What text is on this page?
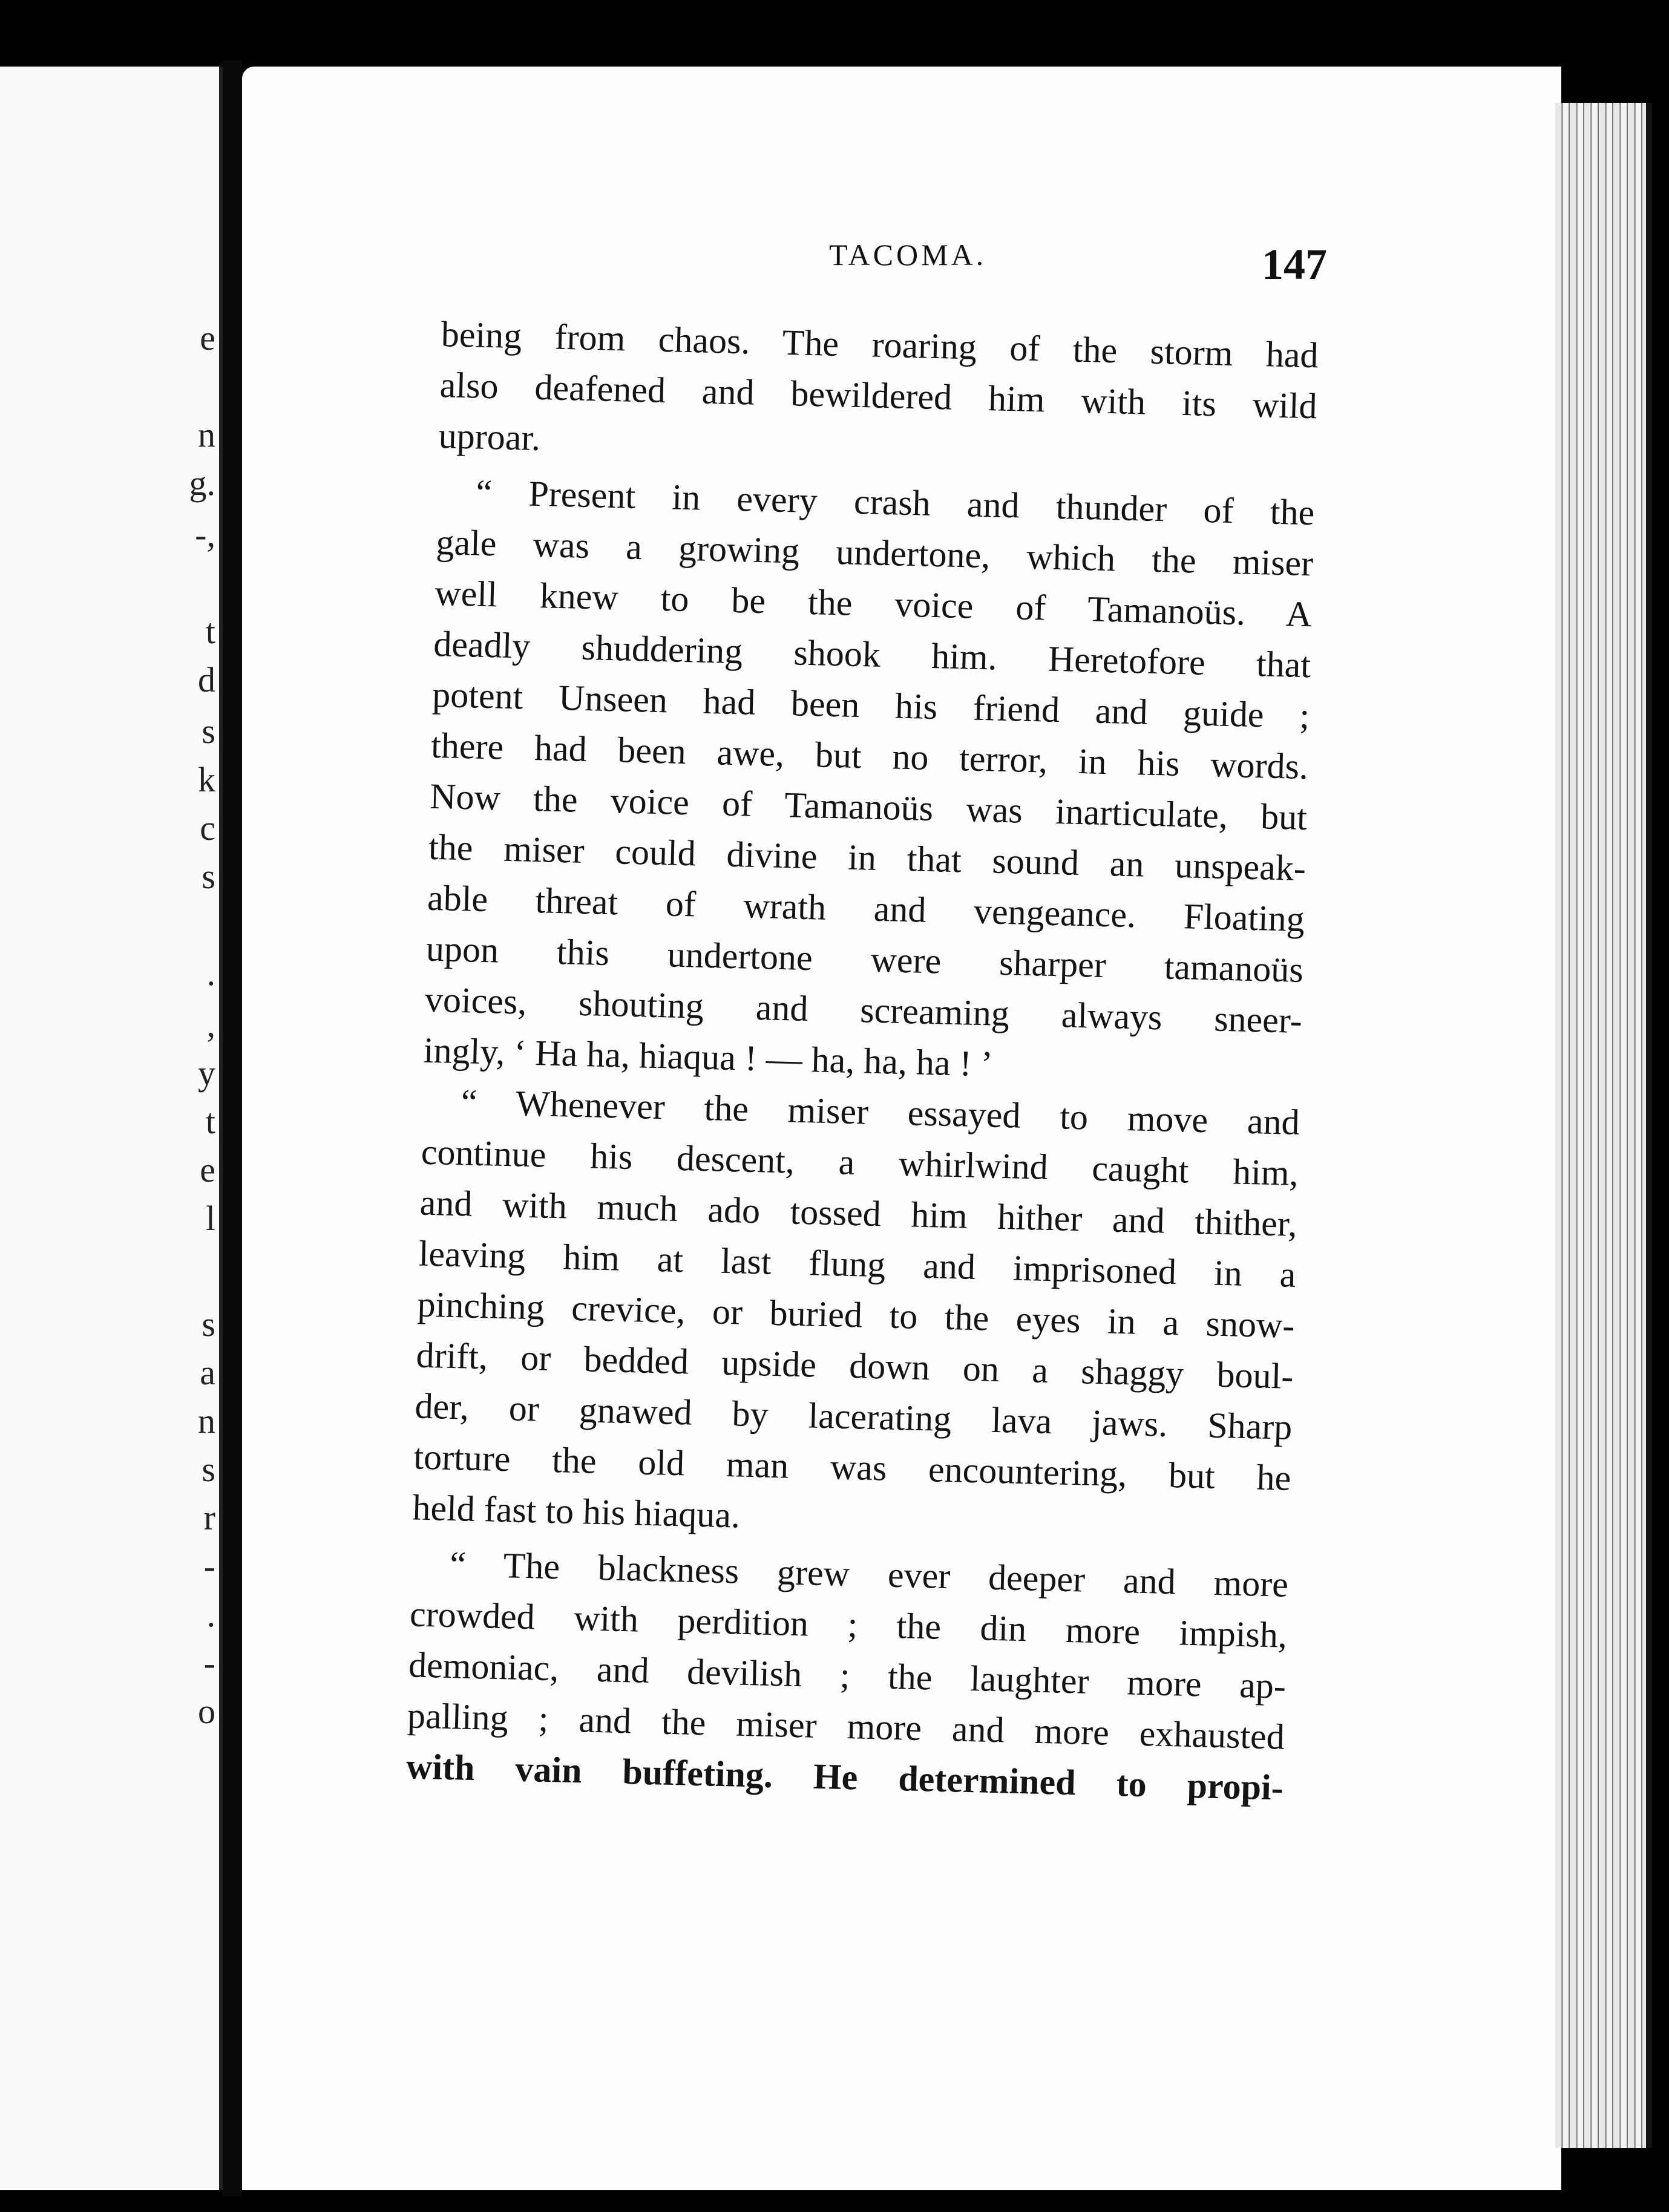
e
n
g.
-,
t
d
s
k
c
s
.
,
y
t
e
l
s
a
n
s
r
-
.
-
o
TACOMA.	147

being from chaos. The roaring of the storm had

also deafened and bewildered him with its wild

uproar.

“ Present in every crash and thunder of the

gale was a growing undertone, which the miser

well knew to be the voice of Tamanoüs. A

deadly shuddering shook him. Heretofore that

potent Unseen had been his friend and guide ;

there had been awe, but no terror, in his words.

Now the voice of Tamanoüs was inarticulate, but

the miser could divine in that sound an unspeak-

able threat of wrath and vengeance. Floating

upon this undertone were sharper tamanoüs

voices, shouting and screaming always sneer-

ingly, ‘ Ha ha, hiaqua ! — ha, ha, ha ! ’

“ Whenever the miser essayed to move and

continue his descent, a whirlwind caught him,

and with much ado tossed him hither and thither,

leaving him at last flung and imprisoned in a

pinching crevice, or buried to the eyes in a snow-

drift, or bedded upside down on a shaggy boul-

der, or gnawed by lacerating lava jaws. Sharp

torture the old man was encountering, but he

held fast to his hiaqua.

“ The blackness grew ever deeper and more

crowded with perdition ; the din more impish,

demoniac, and devilish ; the laughter more ap-

palling ; and the miser more and more exhausted

with vain buffeting. He determined to propi-
